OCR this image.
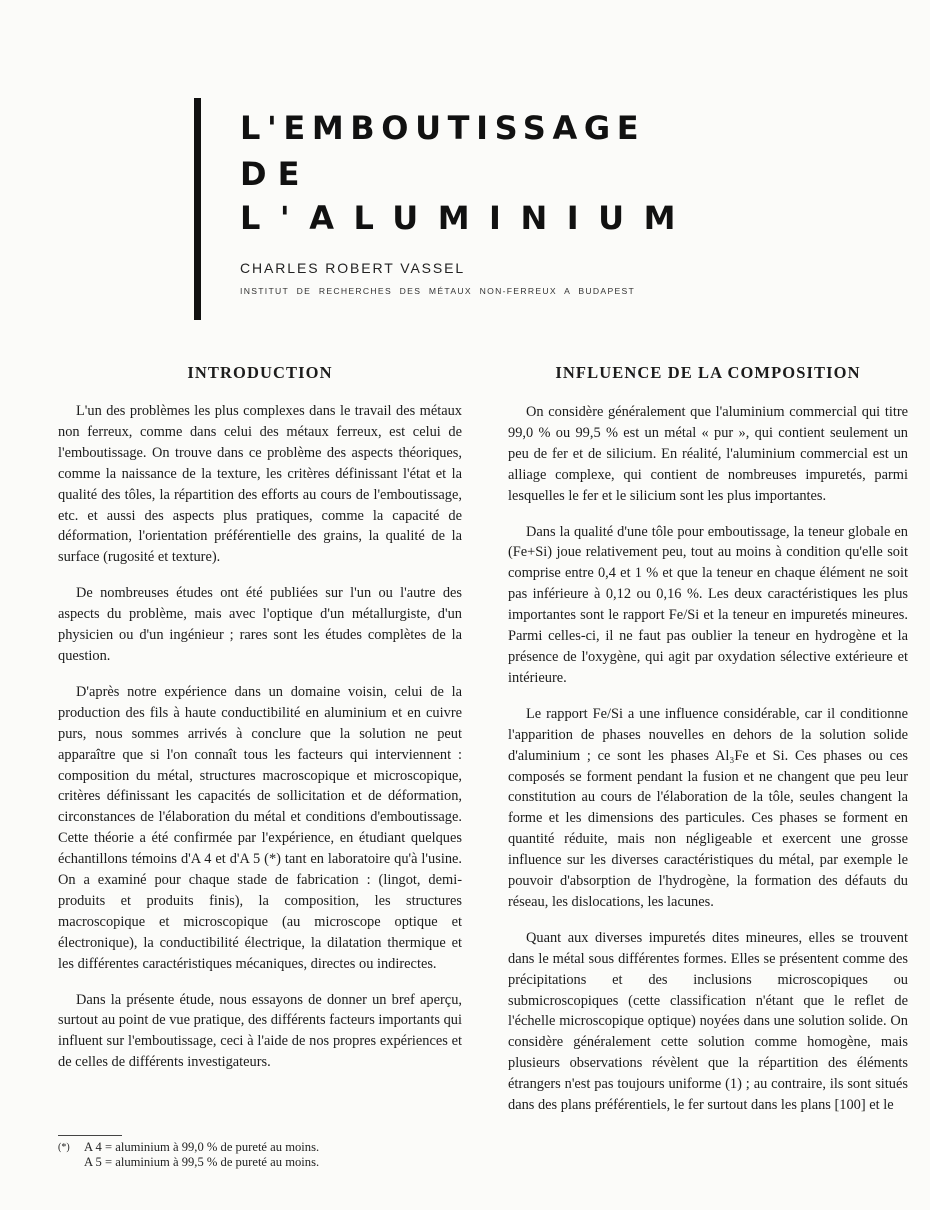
L'EMBOUTISSAGE
DE
L'ALUMINIUM

CHARLES ROBERT VASSEL

INSTITUT DE RECHERCHES DES MÉTAUX NON-FERREUX A BUDAPEST

INTRODUCTION

L'un des problèmes les plus complexes dans le travail des métaux non ferreux, comme dans celui des métaux ferreux, est celui de l'emboutissage. On trouve dans ce problème des aspects théoriques, comme la naissance de la texture, les critères définissant l'état et la qualité des tôles, la répartition des efforts au cours de l'emboutissage, etc. et aussi des aspects plus pratiques, comme la capacité de déformation, l'orientation préférentielle des grains, la qualité de la surface (rugosité et texture).

De nombreuses études ont été publiées sur l'un ou l'autre des aspects du problème, mais avec l'optique d'un métallurgiste, d'un physicien ou d'un ingénieur ; rares sont les études complètes de la question.

D'après notre expérience dans un domaine voisin, celui de la production des fils à haute conductibilité en aluminium et en cuivre purs, nous sommes arrivés à conclure que la solution ne peut apparaître que si l'on connaît tous les facteurs qui interviennent : composition du métal, structures macroscopique et microscopique, critères définissant les capacités de sollicitation et de déformation, circonstances de l'élaboration du métal et conditions d'emboutissage. Cette théorie a été confirmée par l'expérience, en étudiant quelques échantillons témoins d'A 4 et d'A 5 (*) tant en laboratoire qu'à l'usine. On a examiné pour chaque stade de fabrication : (lingot, demi-produits et produits finis), la composition, les structures macroscopique et microscopique (au microscope optique et électronique), la conductibilité électrique, la dilatation thermique et les différentes caractéristiques mécaniques, directes ou indirectes.

Dans la présente étude, nous essayons de donner un bref aperçu, surtout au point de vue pratique, des différents facteurs importants qui influent sur l'emboutissage, ceci à l'aide de nos propres expériences et de celles de différents investigateurs.

INFLUENCE DE LA COMPOSITION

On considère généralement que l'aluminium commercial qui titre 99,0 % ou 99,5 % est un métal « pur », qui contient seulement un peu de fer et de silicium. En réalité, l'aluminium commercial est un alliage complexe, qui contient de nombreuses impuretés, parmi lesquelles le fer et le silicium sont les plus importantes.

Dans la qualité d'une tôle pour emboutissage, la teneur globale en (Fe+Si) joue relativement peu, tout au moins à condition qu'elle soit comprise entre 0,4 et 1 % et que la teneur en chaque élément ne soit pas inférieure à 0,12 ou 0,16 %. Les deux caractéristiques les plus importantes sont le rapport Fe/Si et la teneur en impuretés mineures. Parmi celles-ci, il ne faut pas oublier la teneur en hydrogène et la présence de l'oxygène, qui agit par oxydation sélective extérieure et intérieure.

Le rapport Fe/Si a une influence considérable, car il conditionne l'apparition de phases nouvelles en dehors de la solution solide d'aluminium ; ce sont les phases Al₃Fe et Si. Ces phases ou ces composés se forment pendant la fusion et ne changent que peu leur constitution au cours de l'élaboration de la tôle, seules changent la forme et les dimensions des particules. Ces phases se forment en quantité réduite, mais non négligeable et exercent une grosse influence sur les diverses caractéristiques du métal, par exemple le pouvoir d'absorption de l'hydrogène, la formation des défauts du réseau, les dislocations, les lacunes.

Quant aux diverses impuretés dites mineures, elles se trouvent dans le métal sous différentes formes. Elles se présentent comme des précipitations et des inclusions microscopiques ou submicroscopiques (cette classification n'étant que le reflet de l'échelle microscopique optique) noyées dans une solution solide. On considère généralement cette solution comme homogène, mais plusieurs observations révèlent que la répartition des éléments étrangers n'est pas toujours uniforme (1) ; au contraire, ils sont situés dans des plans préférentiels, le fer surtout dans les plans [100] et le

(*) A 4 = aluminium à 99,0 % de pureté au moins.
A 5 = aluminium à 99,5 % de pureté au moins.
